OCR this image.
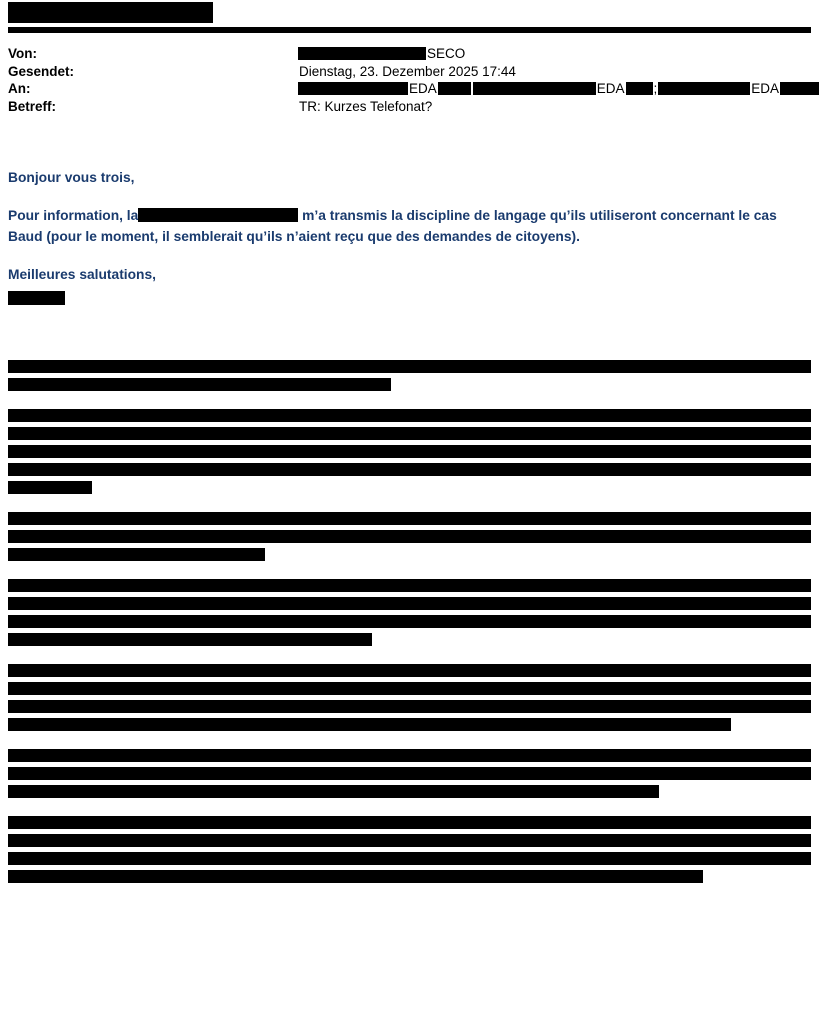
Von:	SECO
Gesendet:	Dienstag, 23. Dezember 2025 17:44
An:	EDA	EDA ;	EDA
Betreff:	TR: Kurzes Telefonat?
Bonjour vous trois,
Pour information, la	m’a transmis la discipline de langage qu’ils utiliseront concernant le cas Baud (pour le moment, il semblerait qu’ils n’aient reçu que des demandes de citoyens).
Meilleures salutations,
